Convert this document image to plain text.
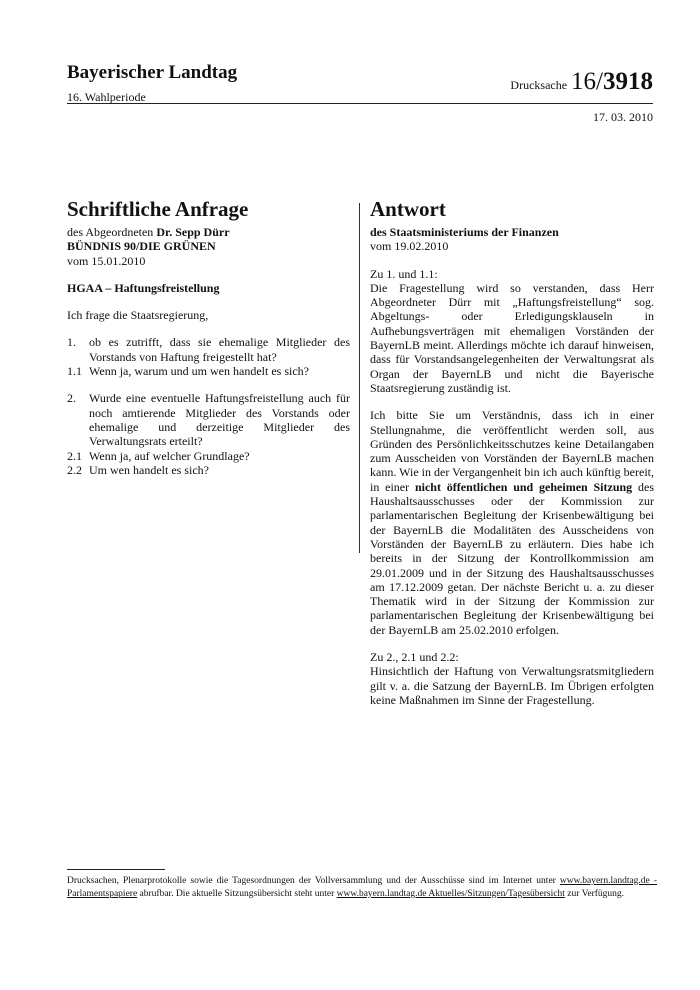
Bayerischer Landtag

16. Wahlperiode
Drucksache 16/3918
17. 03. 2010
Schriftliche Anfrage

des Abgeordneten Dr. Sepp Dürr

BÜNDNIS 90/DIE GRÜNEN

vom 15.01.2010

HGAA – Haftungsfreistellung

Ich frage die Staatsregierung,

1.	ob es zutrifft, dass sie ehemalige Mitglieder des Vorstands von Haftung freigestellt hat?
1.1 Wenn ja, warum und um wen handelt es sich?
2.	Wurde eine eventuelle Haftungsfreistellung auch für noch amtierende Mitglieder des Vorstands oder ehemalige und derzeitige Mitglieder des Verwaltungsrats erteilt?
2.1 Wenn ja, auf welcher Grundlage?
2.2 Um wen handelt es sich?
Antwort

des Staatsministeriums der Finanzen

vom 19.02.2010

Zu 1. und 1.1:

Die Fragestellung wird so verstanden, dass Herr Abgeordneter Dürr mit „Haftungsfreistellung“ sog. Abgeltungs- oder Erledigungsklauseln in Aufhebungsverträgen mit ehemaligen Vorständen der BayernLB meint. Allerdings möchte ich darauf hinweisen, dass für Vorstandsangelegenheiten der Verwaltungsrat als Organ der BayernLB und nicht die Bayerische Staatsregierung zuständig ist.

Ich bitte Sie um Verständnis, dass ich in einer Stellungnahme, die veröffentlicht werden soll, aus Gründen des Persönlichkeitsschutzes keine Detailangaben zum Ausscheiden von Vorständen der BayernLB machen kann. Wie in der Vergangenheit bin ich auch künftig bereit, in einer nicht öffentlichen und geheimen Sitzung des Haushaltsausschusses oder der Kommission zur parlamentarischen Begleitung der Krisenbewältigung bei der BayernLB die Modalitäten des Ausscheidens von Vorständen der BayernLB zu erläutern. Dies habe ich bereits in der Sitzung der Kontrollkommission am 29.01.2009 und in der Sitzung des Haushaltsausschusses am 17.12.2009 getan. Der nächste Bericht u. a. zu dieser Thematik wird in der Sitzung der Kommission zur parlamentarischen Begleitung der Krisenbewältigung bei der BayernLB am 25.02.2010 erfolgen.

Zu 2., 2.1 und 2.2:

Hinsichtlich der Haftung von Verwaltungsratsmitgliedern gilt v. a. die Satzung der BayernLB. Im Übrigen erfolgten keine Maßnahmen im Sinne der Fragestellung.

Drucksachen, Plenarprotokolle sowie die Tagesordnungen der Vollversammlung und der Ausschüsse sind im Internet unter www.bayern.landtag.de - Parlamentspapiere abrufbar. Die aktuelle Sitzungsübersicht steht unter www.bayern.landtag.de Aktuelles/Sitzungen/Tagesübersicht zur Verfügung.
